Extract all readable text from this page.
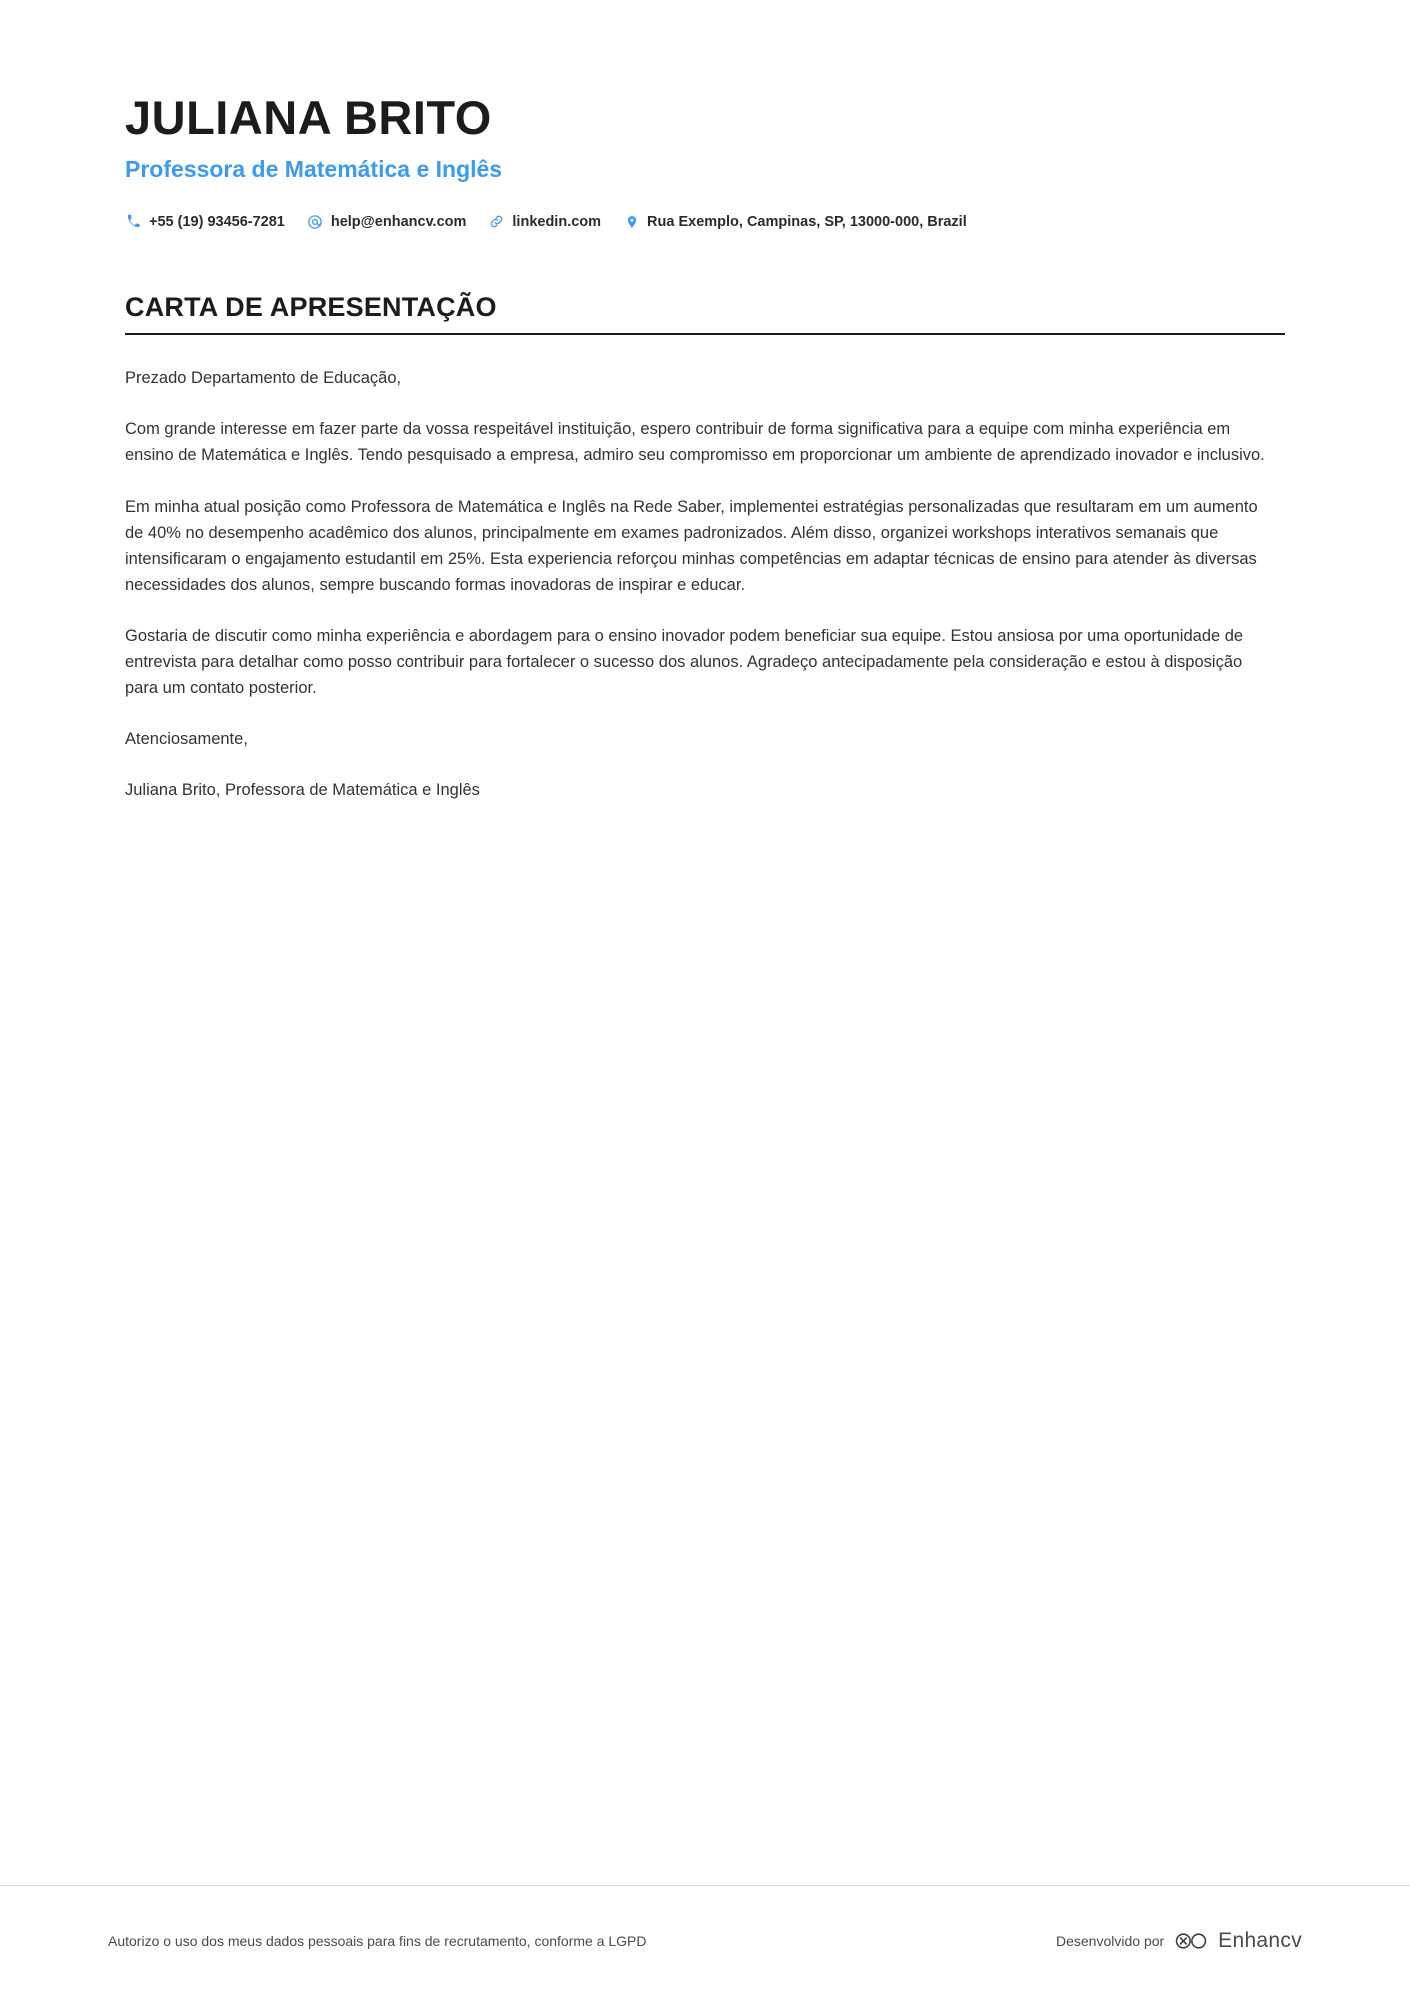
JULIANA BRITO
Professora de Matemática e Inglês
+55 (19) 93456-7281	help@enhancv.com	linkedin.com	Rua Exemplo, Campinas, SP, 13000-000, Brazil
CARTA DE APRESENTAÇÃO

Prezado Departamento de Educação,

Com grande interesse em fazer parte da vossa respeitável instituição, espero contribuir de forma significativa para a equipe com minha experiência em ensino de Matemática e Inglês. Tendo pesquisado a empresa, admiro seu compromisso em proporcionar um ambiente de aprendizado inovador e inclusivo.

Em minha atual posição como Professora de Matemática e Inglês na Rede Saber, implementei estratégias personalizadas que resultaram em um aumento de 40% no desempenho acadêmico dos alunos, principalmente em exames padronizados. Além disso, organizei workshops interativos semanais que intensificaram o engajamento estudantil em 25%. Esta experiencia reforçou minhas competências em adaptar técnicas de ensino para atender às diversas necessidades dos alunos, sempre buscando formas inovadoras de inspirar e educar.

Gostaria de discutir como minha experiência e abordagem para o ensino inovador podem beneficiar sua equipe. Estou ansiosa por uma oportunidade de entrevista para detalhar como posso contribuir para fortalecer o sucesso dos alunos. Agradeço antecipadamente pela consideração e estou à disposição para um contato posterior.

Atenciosamente,

Juliana Brito, Professora de Matemática e Inglês

Autorizo o uso dos meus dados pessoais para fins de recrutamento, conforme a LGPD	Desenvolvido por	Enhancv
